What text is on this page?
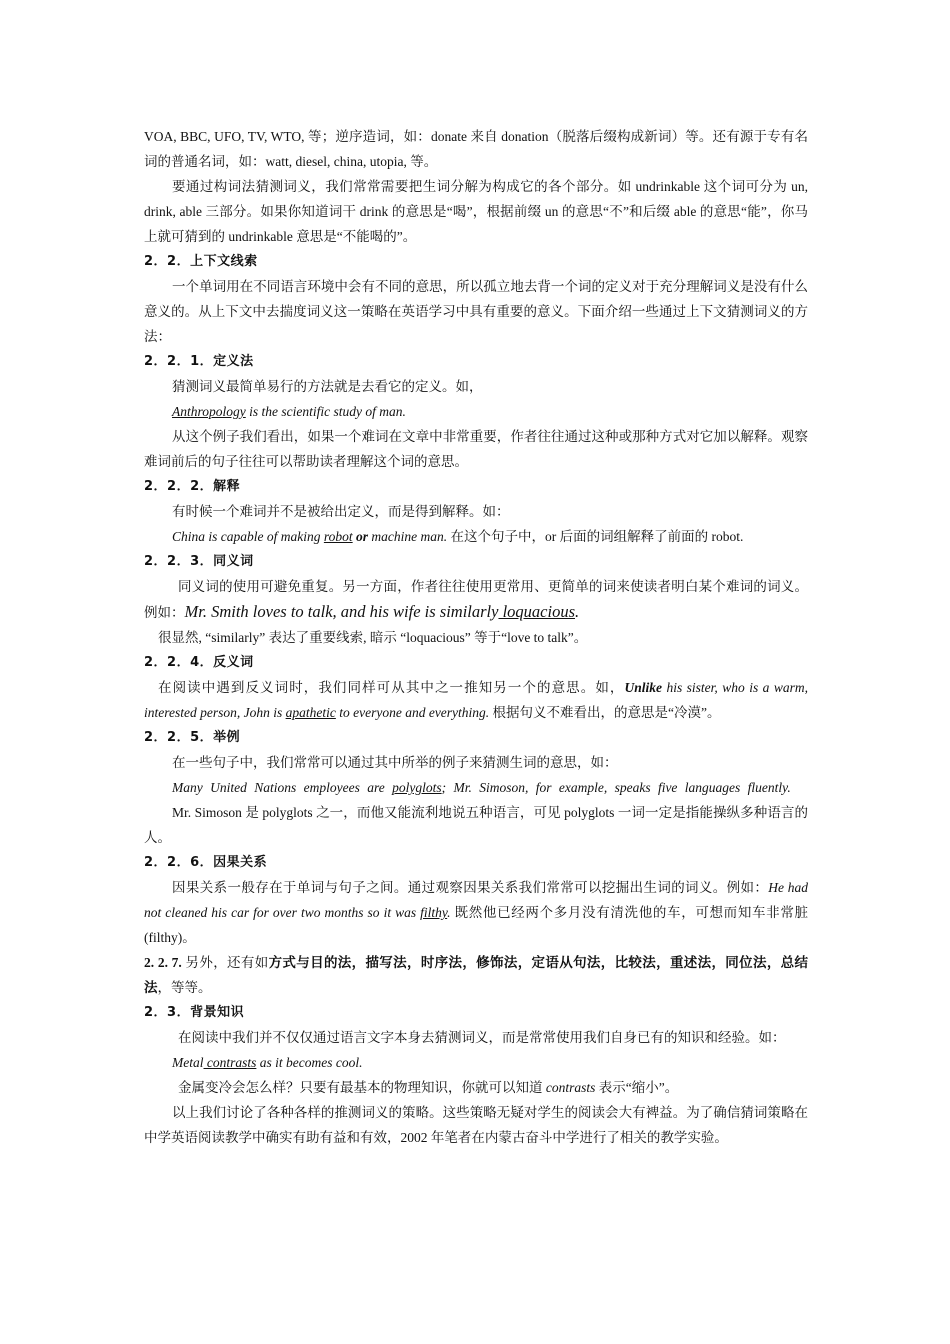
VOA, BBC, UFO, TV, WTO, 等；逆序造词，如：donate 来自 donation（脱落后缀构成新词）等。还有源于专有名词的普通名词，如：watt, diesel, china, utopia, 等。

要通过构词法猜测词义，我们常常需要把生词分解为构成它的各个部分。如 undrinkable 这个词可分为 un, drink, able 三部分。如果你知道词干 drink 的意思是“喝”，根据前缀 un 的意思“不”和后缀 able 的意思“能”，你马上就可猜到的 undrinkable 意思是“不能喝的”。

2．2．上下文线索

一个单词用在不同语言环境中会有不同的意思，所以孤立地去背一个词的定义对于充分理解词义是没有什么意义的。从上下文中去揣度词义这一策略在英语学习中具有重要的意义。下面介绍一些通过上下文猜测词义的方法：

2．2．1．定义法

猜测词义最简单易行的方法就是去看它的定义。如，

Anthropology is the scientific study of man.

从这个例子我们看出，如果一个难词在文章中非常重要，作者往往通过这种或那种方式对它加以解释。观察难词前后的句子往往可以帮助读者理解这个词的意思。

2．2．2．解释

有时候一个难词并不是被给出定义，而是得到解释。如：

China is capable of making robot or machine man. 在这个句子中，or 后面的词组解释了前面的 robot.

2．2．3．同义词

同义词的使用可避免重复。另一方面，作者往往使用更常用、更简单的词来使读者明白某个难词的词义。例如：Mr. Smith loves to talk, and his wife is similarly loquacious.

很显然, “similarly” 表达了重要线索, 暗示 “loquacious” 等于“love to talk”。

2．2．4．反义词

在阅读中遇到反义词时，我们同样可从其中之一推知另一个的意思。如，Unlike his sister, who is a warm, interested person, John is apathetic to everyone and everything. 根据句义不难看出，的意思是“冷漠”。

2．2．5．举例

在一些句子中，我们常常可以通过其中所举的例子来猜测生词的意思，如：

Many United Nations employees are polyglots; Mr. Simoson, for example, speaks five languages fluently.

Mr. Simoson 是 polyglots 之一，而他又能流利地说五种语言，可见 polyglots 一词一定是指能操纵多种语言的人。

2．2．6．因果关系

因果关系一般存在于单词与句子之间。通过观察因果关系我们常常可以挖掘出生词的词义。例如：He had not cleaned his car for over two months so it was filthy. 既然他已经两个多月没有清洗他的车，可想而知车非常脏(filthy)。

2. 2. 7. 另外，还有如方式与目的法，描写法，时序法，修饰法，定语从句法，比较法，重述法，同位法，总结法，等等。

2．3．背景知识

在阅读中我们并不仅仅通过语言文字本身去猜测词义，而是常常使用我们自身已有的知识和经验。如：

Metal contrasts as it becomes cool.

金属变冷会怎么样？只要有最基本的物理知识，你就可以知道 contrasts 表示“缩小”。

以上我们讨论了各种各样的推测词义的策略。这些策略无疑对学生的阅读会大有裨益。为了确信猜词策略在中学英语阅读教学中确实有助有益和有效，2002 年笔者在内蒙古奋斗中学进行了相关的教学实验。
